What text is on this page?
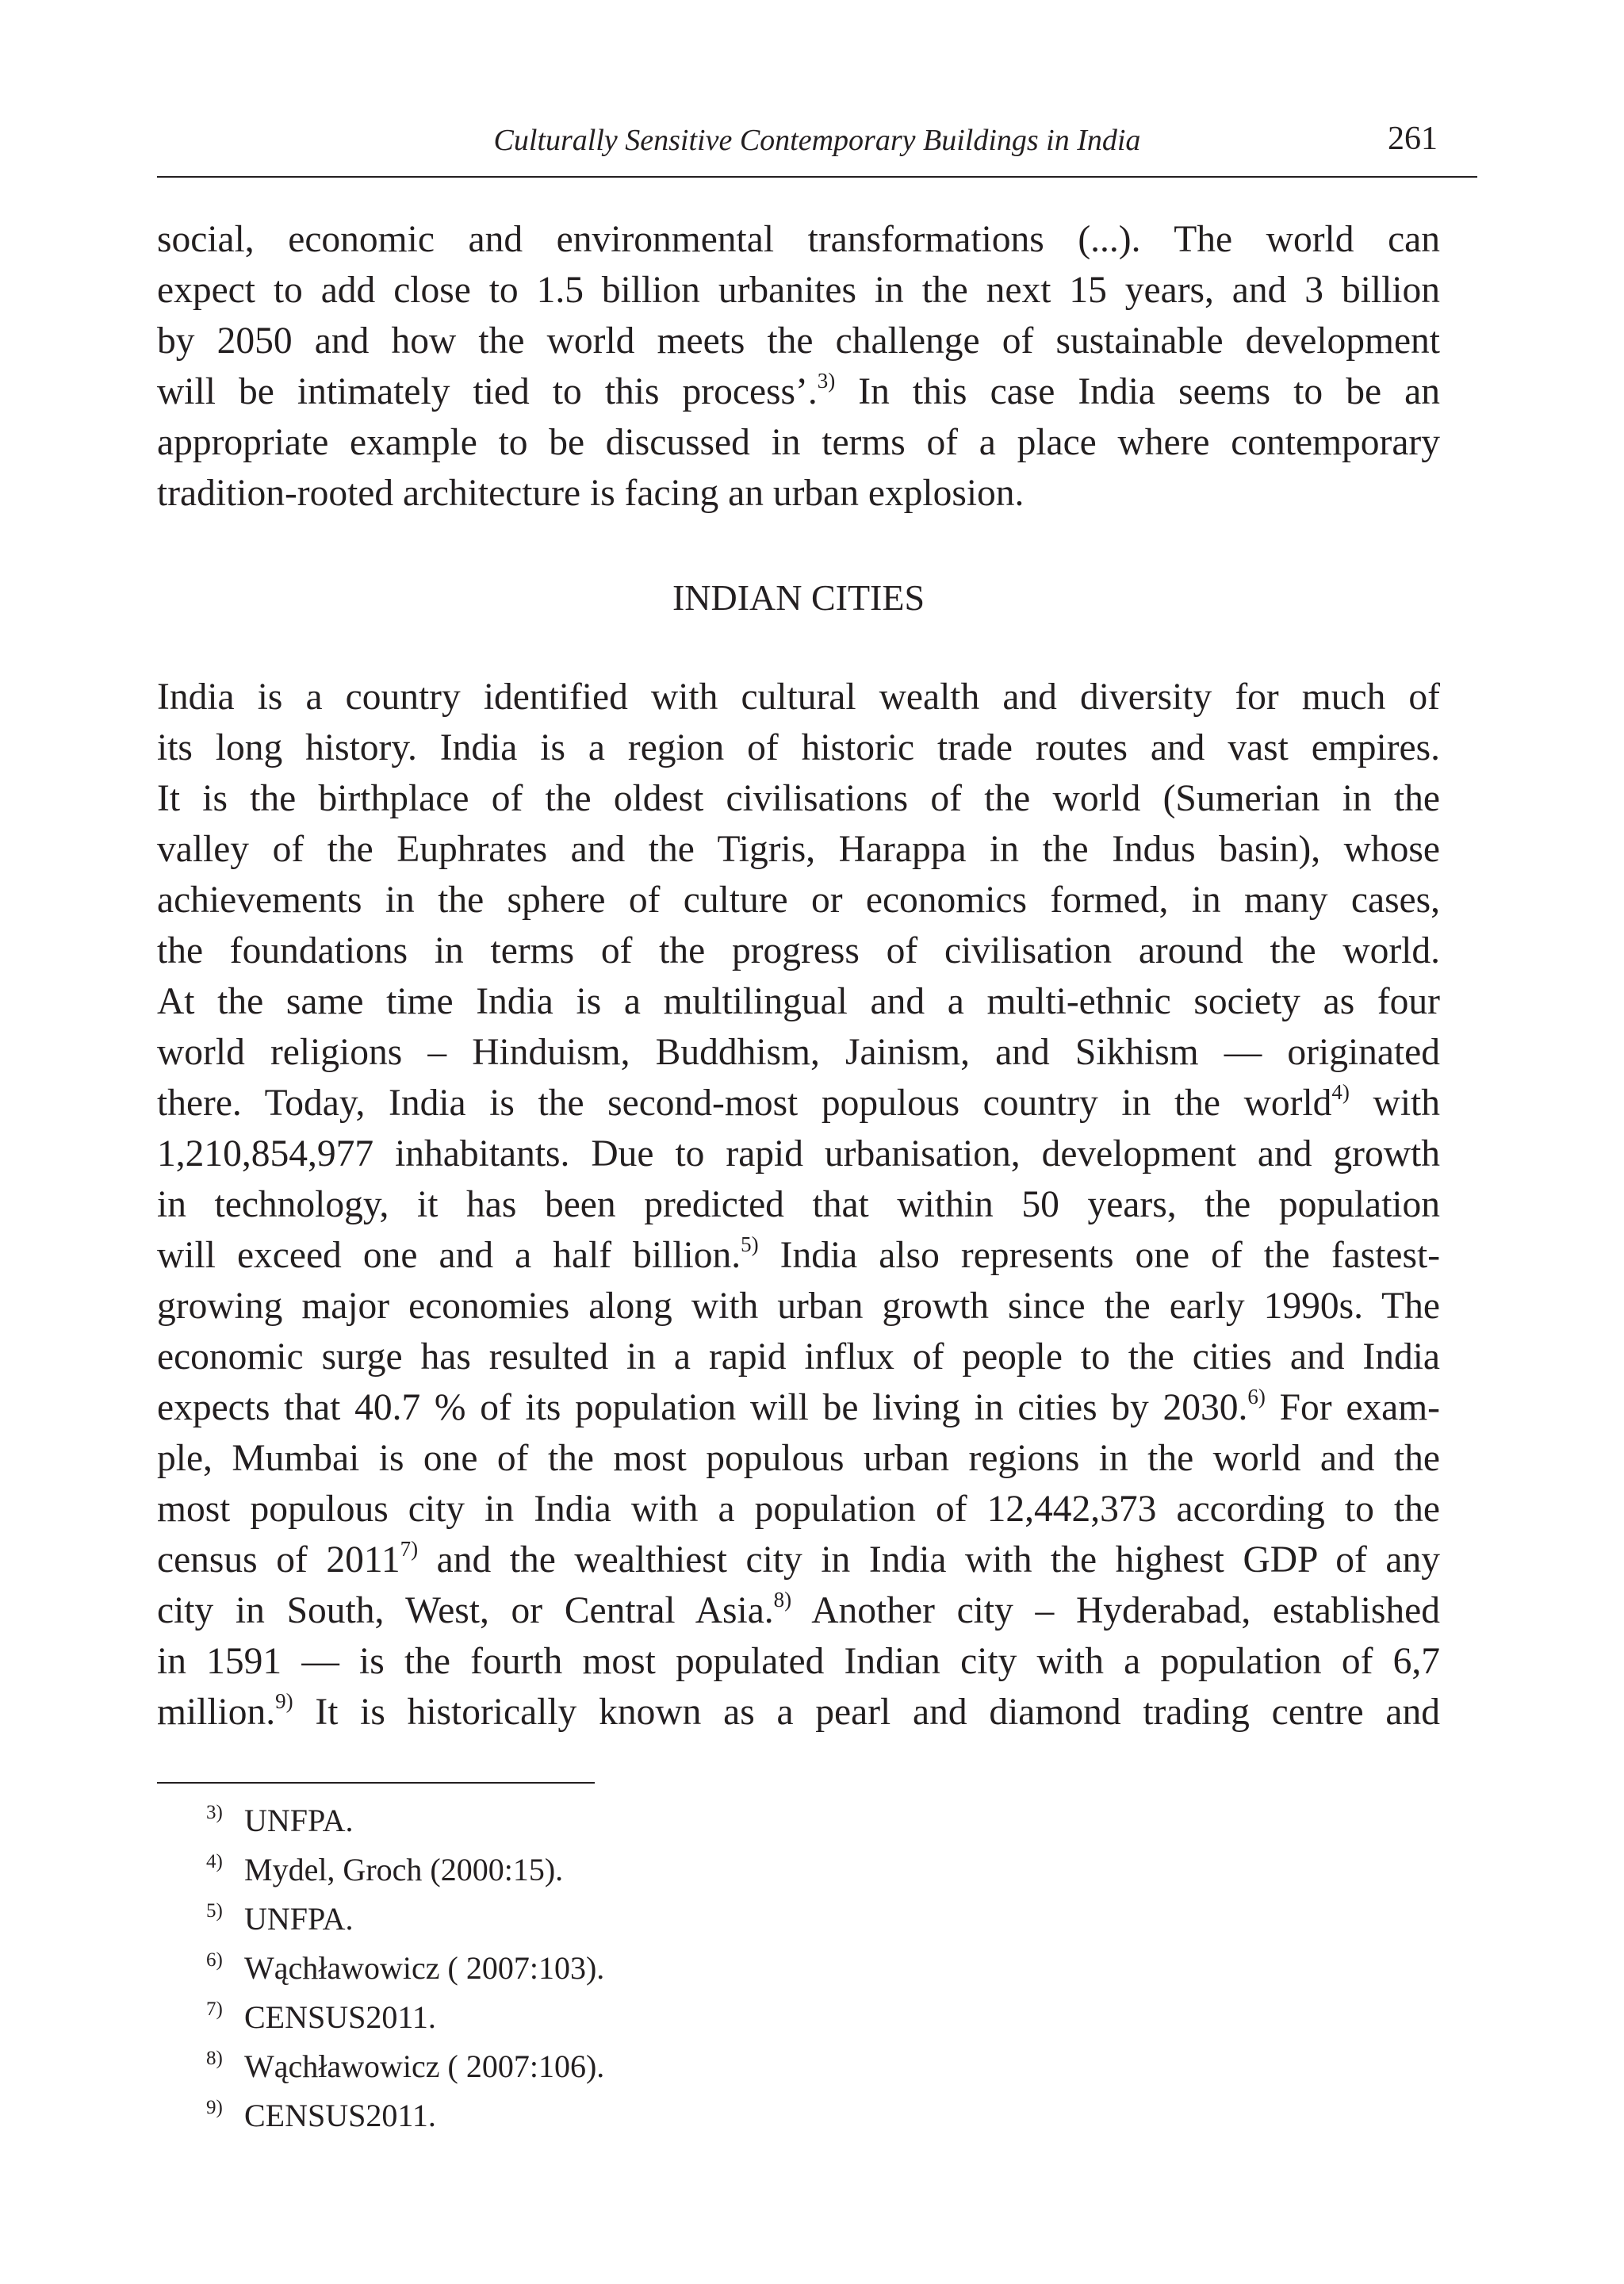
Culturally Sensitive Contemporary Buildings in India	261
social, economic and environmental transformations (...). The world can
expect to add close to 1.5 billion urbanites in the next 15 years, and 3 billion
by 2050 and how the world meets the challenge of sustainable development
will be intimately tied to this process’.$^{3)}$ In this case India seems to be an
appropriate example to be discussed in terms of a place where contemporary
tradition-rooted architecture is facing an urban explosion.
INDIAN CITIES
India is a country identified with cultural wealth and diversity for much of
its long history. India is a region of historic trade routes and vast empires.
It is the birthplace of the oldest civilisations of the world (Sumerian in the
valley of the Euphrates and the Tigris, Harappa in the Indus basin), whose
achievements in the sphere of culture or economics formed, in many cases,
the foundations in terms of the progress of civilisation around the world.
At the same time India is a multilingual and a multi-ethnic society as four
world religions – Hinduism, Buddhism, Jainism, and Sikhism — originated
there. Today, India is the second-most populous country in the world$^{4)}$ with
1,210,854,977 inhabitants. Due to rapid urbanisation, development and growth
in technology, it has been predicted that within 50 years, the population
will exceed one and a half billion.$^{5)}$ India also represents one of the fastest-
growing major economies along with urban growth since the early 1990s. The
economic surge has resulted in a rapid influx of people to the cities and India
expects that 40.7 % of its population will be living in cities by 2030.$^{6)}$ For exam-
ple, Mumbai is one of the most populous urban regions in the world and the
most populous city in India with a population of 12,442,373 according to the
census of 2011$^{7)}$ and the wealthiest city in India with the highest GDP of any
city in South, West, or Central Asia.$^{8)}$ Another city – Hyderabad, established
in 1591 — is the fourth most populated Indian city with a population of 6,7
million.$^{9)}$ It is historically known as a pearl and diamond trading centre and
3) UNFPA.
4) Mydel, Groch (2000:15).
5) UNFPA.
6) Wąchławowicz ( 2007:103).
7) CENSUS2011.
8) Wąchławowicz ( 2007:106).
9) CENSUS2011.
